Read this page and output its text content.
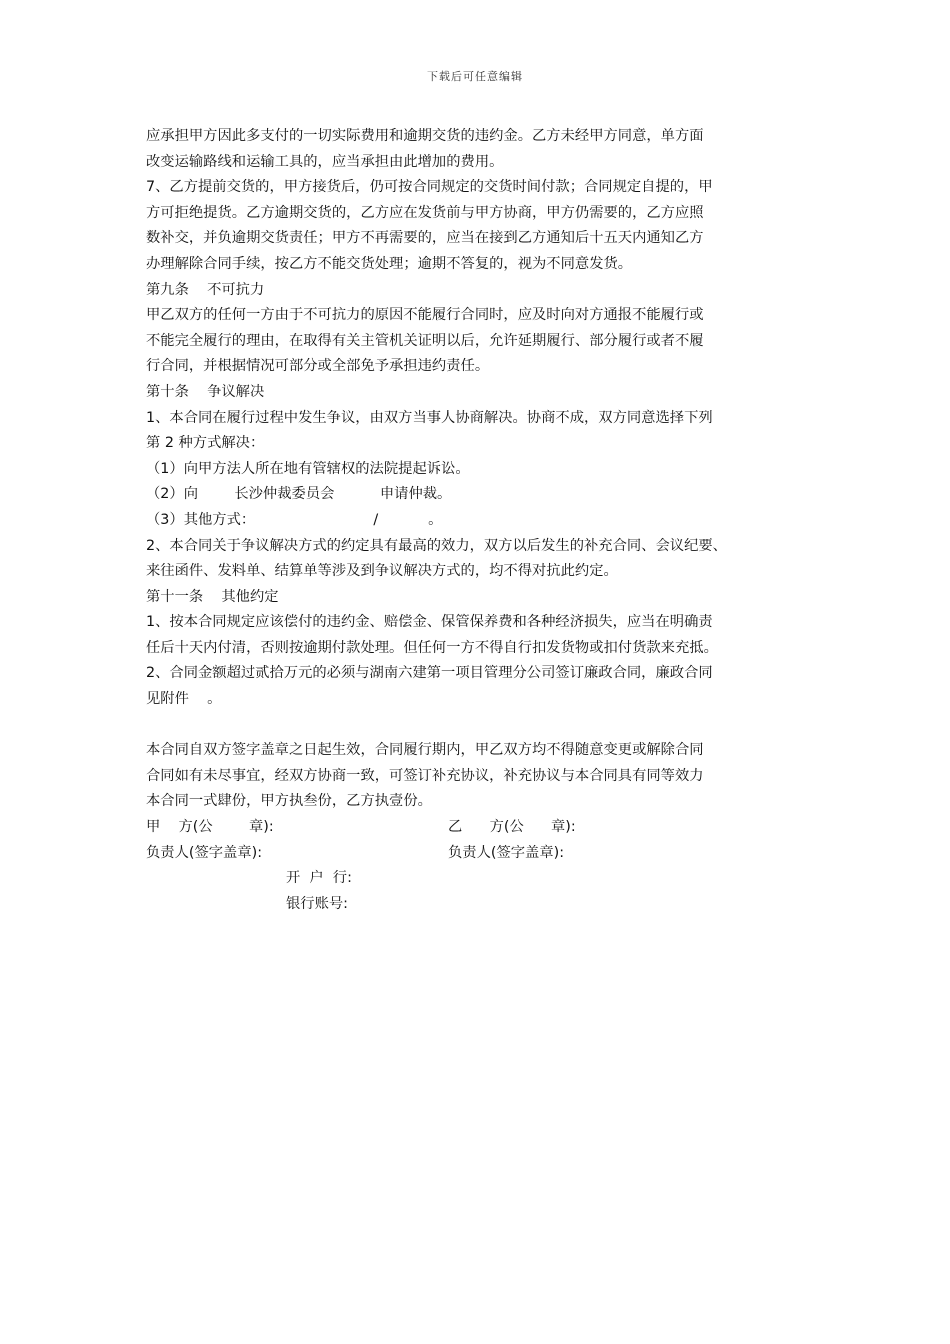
下载后可任意编辑
应承担甲方因此多支付的一切实际费用和逾期交货的违约金。乙方未经甲方同意，单方面
改变运输路线和运输工具的，应当承担由此增加的费用。
7、乙方提前交货的，甲方接货后，仍可按合同规定的交货时间付款；合同规定自提的，甲
方可拒绝提货。乙方逾期交货的，乙方应在发货前与甲方协商，甲方仍需要的，乙方应照
数补交，并负逾期交货责任；甲方不再需要的，应当在接到乙方通知后十五天内通知乙方
办理解除合同手续，按乙方不能交货处理；逾期不答复的，视为不同意发货。
第九条    不可抗力
甲乙双方的任何一方由于不可抗力的原因不能履行合同时，应及时向对方通报不能履行或
不能完全履行的理由，在取得有关主管机关证明以后，允许延期履行、部分履行或者不履
行合同，并根据情况可部分或全部免予承担违约责任。
第十条    争议解决
1、本合同在履行过程中发生争议，由双方当事人协商解决。协商不成，双方同意选择下列
第 2 种方式解决：
（1）向甲方法人所在地有管辖权的法院提起诉讼。
（2）向        长沙仲裁委员会          申请仲裁。
（3）其他方式：                          /           。
2、本合同关于争议解决方式的约定具有最高的效力，双方以后发生的补充合同、会议纪要、
来往函件、发料单、结算单等涉及到争议解决方式的，均不得对抗此约定。
第十一条    其他约定
1、按本合同规定应该偿付的违约金、赔偿金、保管保养费和各种经济损失，应当在明确责
任后十天内付清，否则按逾期付款处理。但任何一方不得自行扣发货物或扣付货款来充抵。
2、合同金额超过贰拾万元的必须与湖南六建第一项目管理分公司签订廉政合同，廉政合同
见附件    。
本合同自双方签字盖章之日起生效，合同履行期内，甲乙双方均不得随意变更或解除合同
合同如有未尽事宜，经双方协商一致，可签订补充协议，补充协议与本合同具有同等效力
本合同一式肆份，甲方执叁份，乙方执壹份。
甲    方(公        章):	乙      方(公      章):
负责人(签字盖章):	负责人(签字盖章):
开  户  行:
银行账号:
